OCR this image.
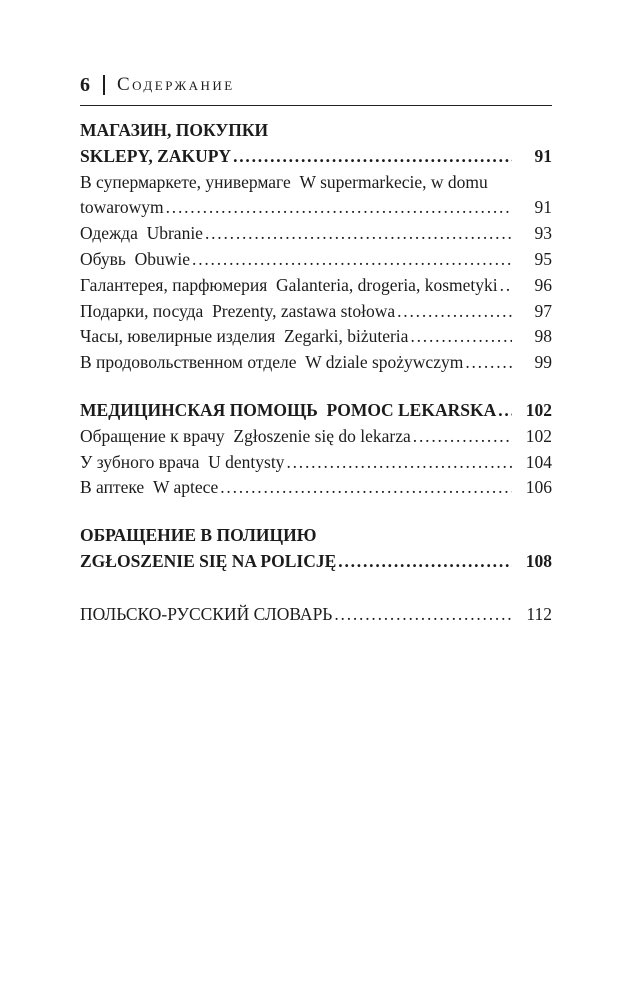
6 Содержание
МАГАЗИН, ПОКУПКИ
SKLEPY, ZAKUPY .....	91
В супермаркете, универмаге W supermarkecie, w domu
towarowym .....	91
Одежда Ubranie .....	93
Обувь Obuwie .....	95
Галантерея, парфюмерия Galanteria, drogeria, kosmetyki .....	96
Подарки, посуда Prezenty, zastawa stołowa .....	97
Часы, ювелирные изделия Zegarki, biżuteria .....	98
В продовольственном отделе W dziale spożywczym .....	99
МЕДИЦИНСКАЯ ПОМОЩЬ POMOC LEKARSKA .....	102
Обращение к врачу Zgłoszenie się do lekarza .....	102
У зубного врача U dentysty .....	104
В аптеке W aptece .....	106
ОБРАЩЕНИЕ В ПОЛИЦИЮ
ZGŁOSZENIE SIĘ NA POLICJĘ .....	108
ПОЛЬСКО-РУССКИЙ СЛОВАРЬ .....	112
